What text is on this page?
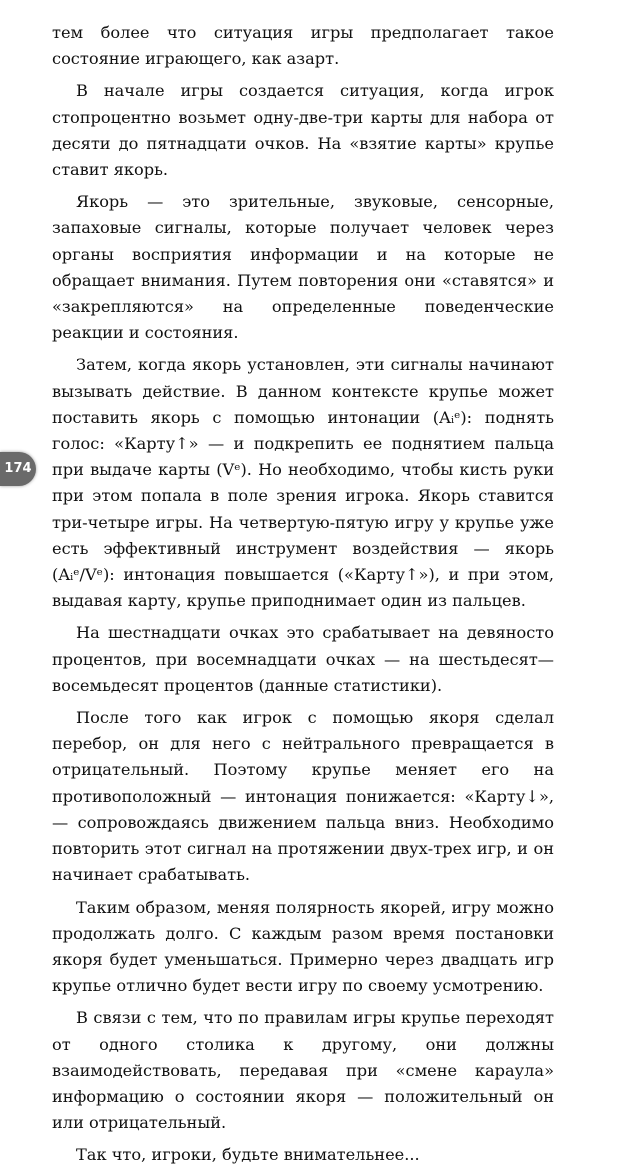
тем более что ситуация игры предполагает такое состояние играющего, как азарт.

В начале игры создается ситуация, когда игрок стопроцентно возьмет одну-две-три карты для набора от десяти до пятнадцати очков. На «взятие карты» крупье ставит якорь.

Якорь — это зрительные, звуковые, сенсорные, запаховые сигналы, которые получает человек через органы восприятия информации и на которые не обращает внимания. Путем повторения они «ставятся» и «закрепляются» на определенные поведенческие реакции и состояния.

Затем, когда якорь установлен, эти сигналы начинают вызывать действие. В данном контексте крупье может поставить якорь с помощью интонации (Aᵢᵉ): поднять голос: «Карту↑» — и подкрепить ее поднятием пальца при выдаче карты (Vᵉ). Но необходимо, чтобы кисть руки при этом попала в поле зрения игрока. Якорь ставится три-четыре игры. На четвертую-пятую игру у крупье уже есть эффективный инструмент воздействия — якорь (Aᵢᵉ/Vᵉ): интонация повышается («Карту↑»), и при этом, выдавая карту, крупье приподнимает один из пальцев.

На шестнадцати очках это срабатывает на девяносто процентов, при восемнадцати очках — на шестьдесят—восемьдесят процентов (данные статистики).

После того как игрок с помощью якоря сделал перебор, он для него с нейтрального превращается в отрицательный. Поэтому крупье меняет его на противоположный — интонация понижается: «Карту↓», — сопровождаясь движением пальца вниз. Необходимо повторить этот сигнал на протяжении двух-трех игр, и он начинает срабатывать.

Таким образом, меняя полярность якорей, игру можно продолжать долго. С каждым разом время постановки якоря будет уменьшаться. Примерно через двадцать игр крупье отлично будет вести игру по своему усмотрению.

В связи с тем, что по правилам игры крупье переходят от одного столика к другому, они должны взаимодействовать, передавая при «смене караула» информацию о состоянии якоря — положительный он или отрицательный.

Так что, игроки, будьте внимательнее...

174
